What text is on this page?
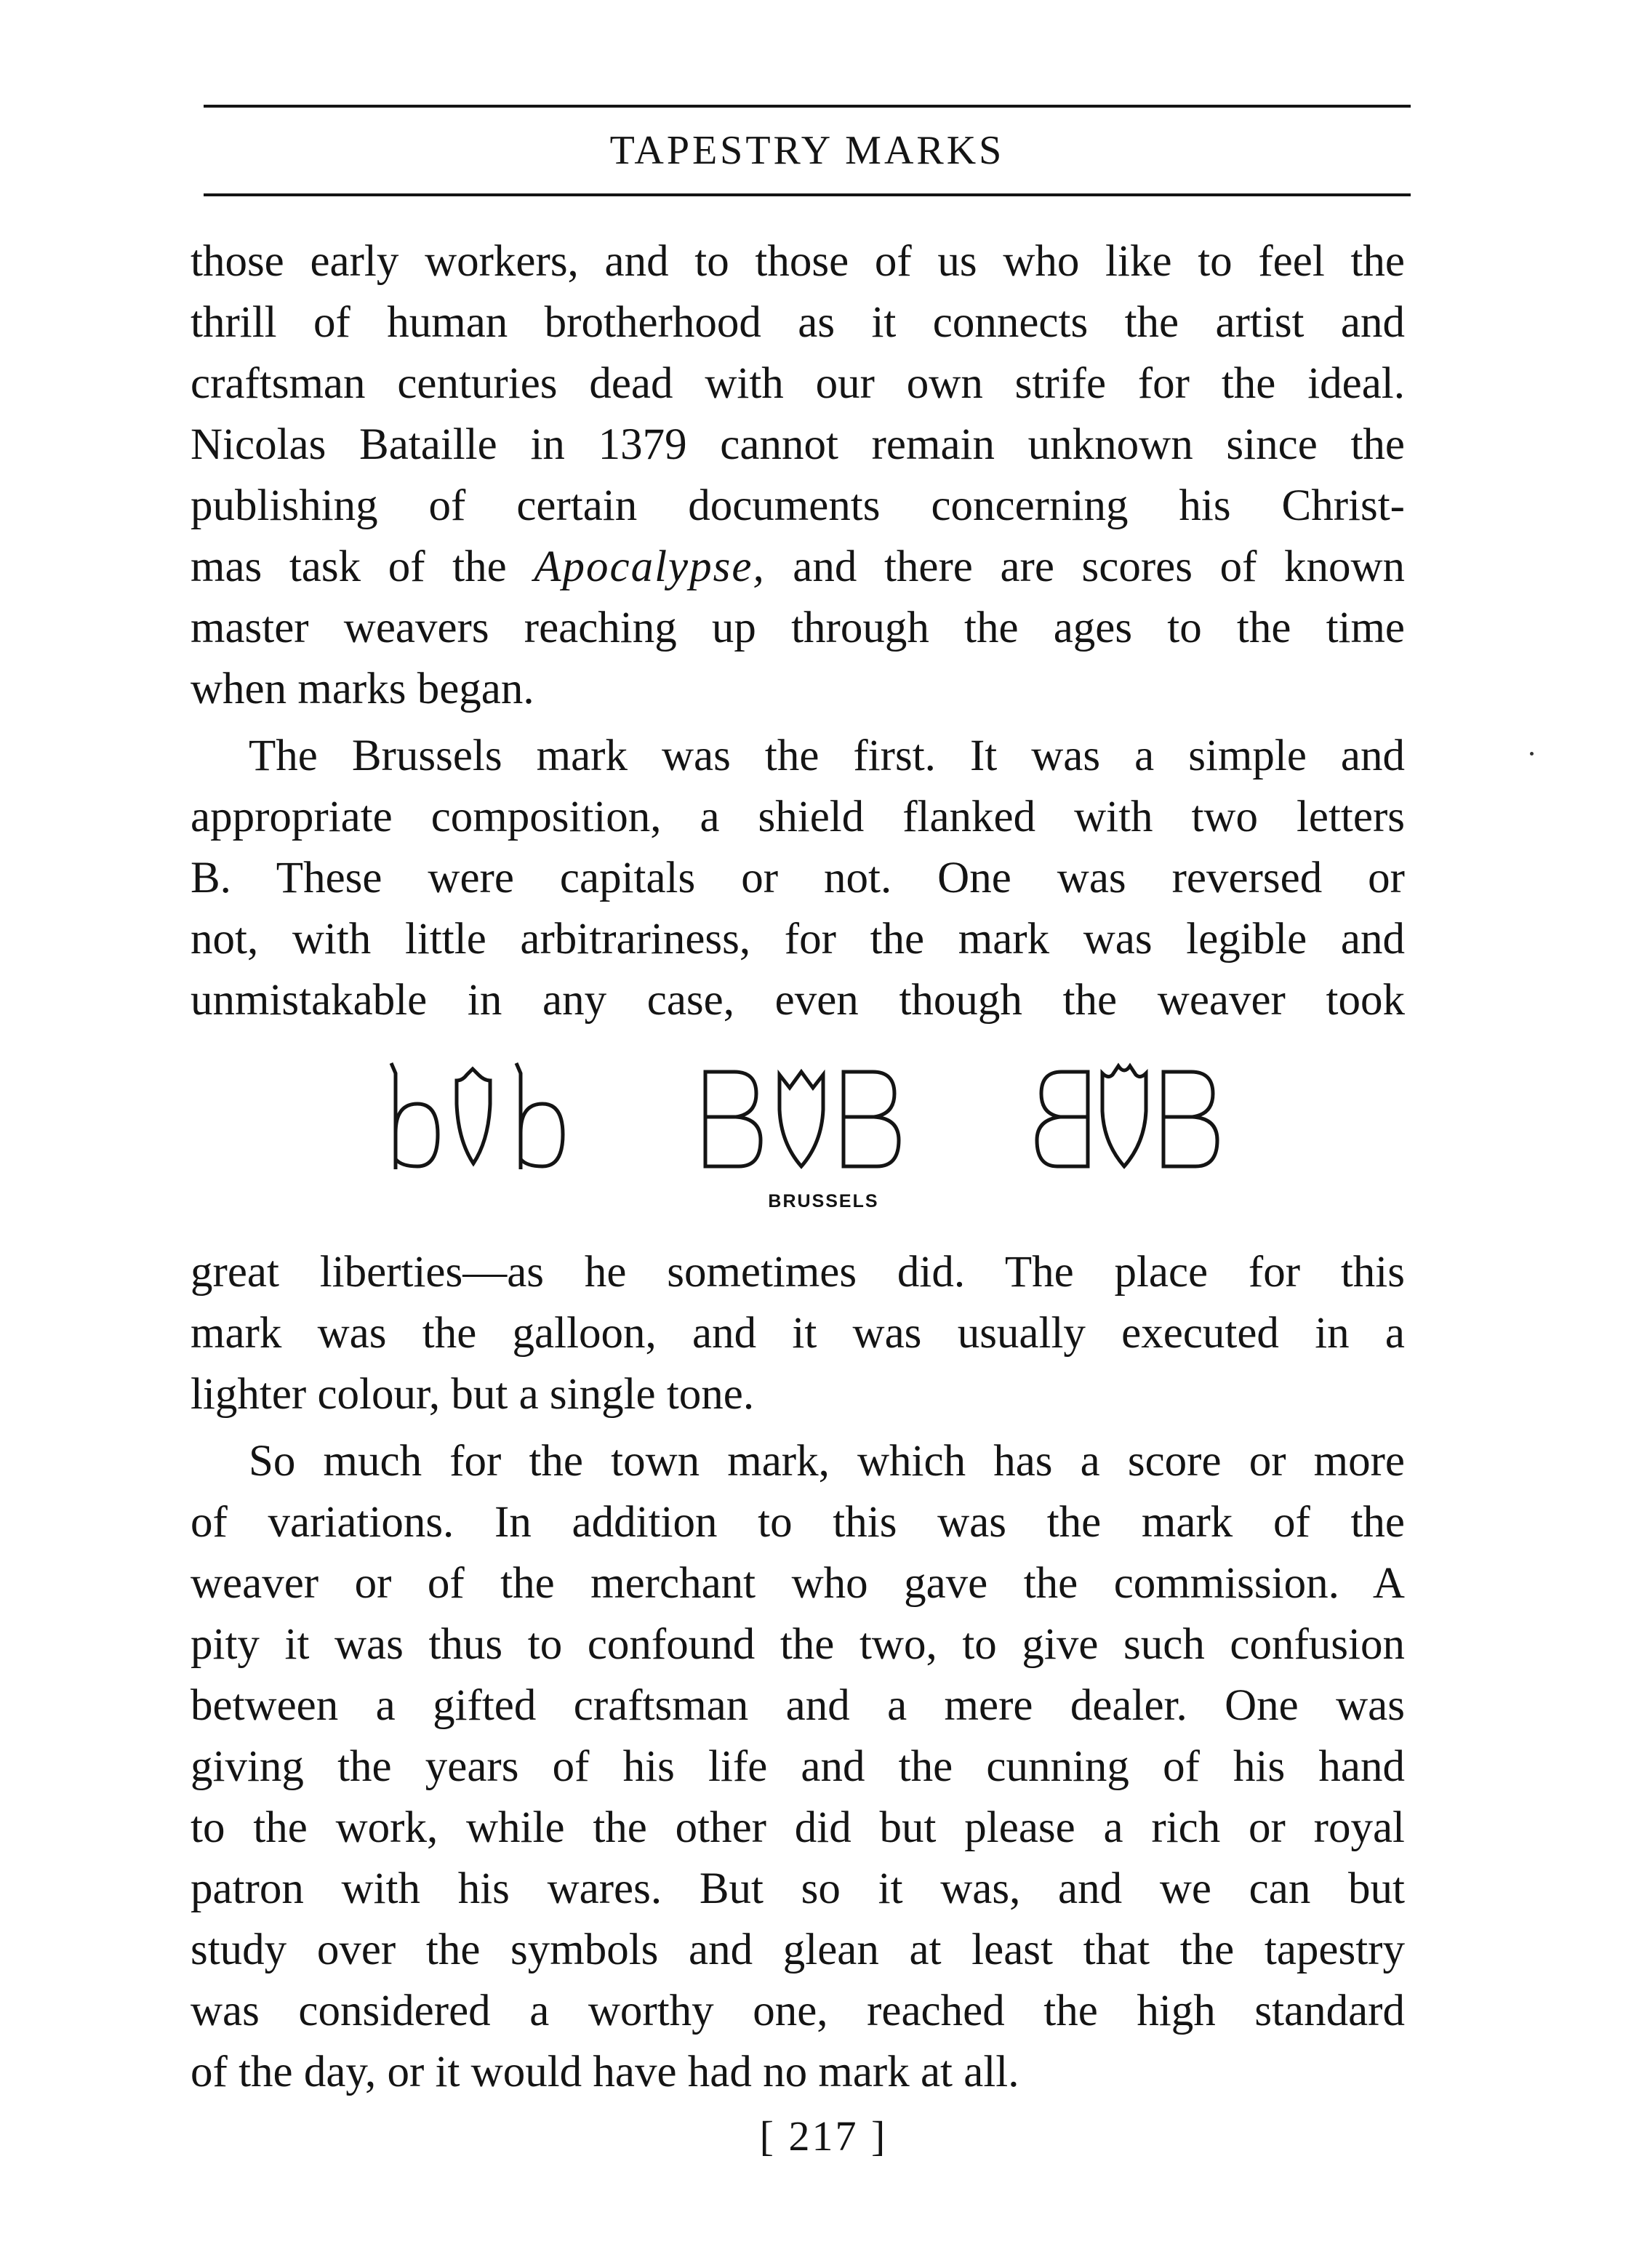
TAPESTRY MARKS
those early workers, and to those of us who like to feel the
thrill of human brotherhood as it connects the artist and
craftsman centuries dead with our own strife for the ideal.
Nicolas Bataille in 1379 cannot remain unknown since the
publishing of certain documents concerning his Christ-
mas task of the Apocalypse, and there are scores of known
master weavers reaching up through the ages to the time
when marks began.
The Brussels mark was the first. It was a simple and
appropriate composition, a shield flanked with two letters
B. These were capitals or not. One was reversed or
not, with little arbitrariness, for the mark was legible and
unmistakable in any case, even though the weaver took
BRUSSELS
great liberties—as he sometimes did. The place for this
mark was the galloon, and it was usually executed in a
lighter colour, but a single tone.
So much for the town mark, which has a score or more
of variations. In addition to this was the mark of the
weaver or of the merchant who gave the commission. A
pity it was thus to confound the two, to give such confusion
between a gifted craftsman and a mere dealer. One was
giving the years of his life and the cunning of his hand
to the work, while the other did but please a rich or royal
patron with his wares. But so it was, and we can but
study over the symbols and glean at least that the tapestry
was considered a worthy one, reached the high standard
of the day, or it would have had no mark at all.
[ 217 ]
